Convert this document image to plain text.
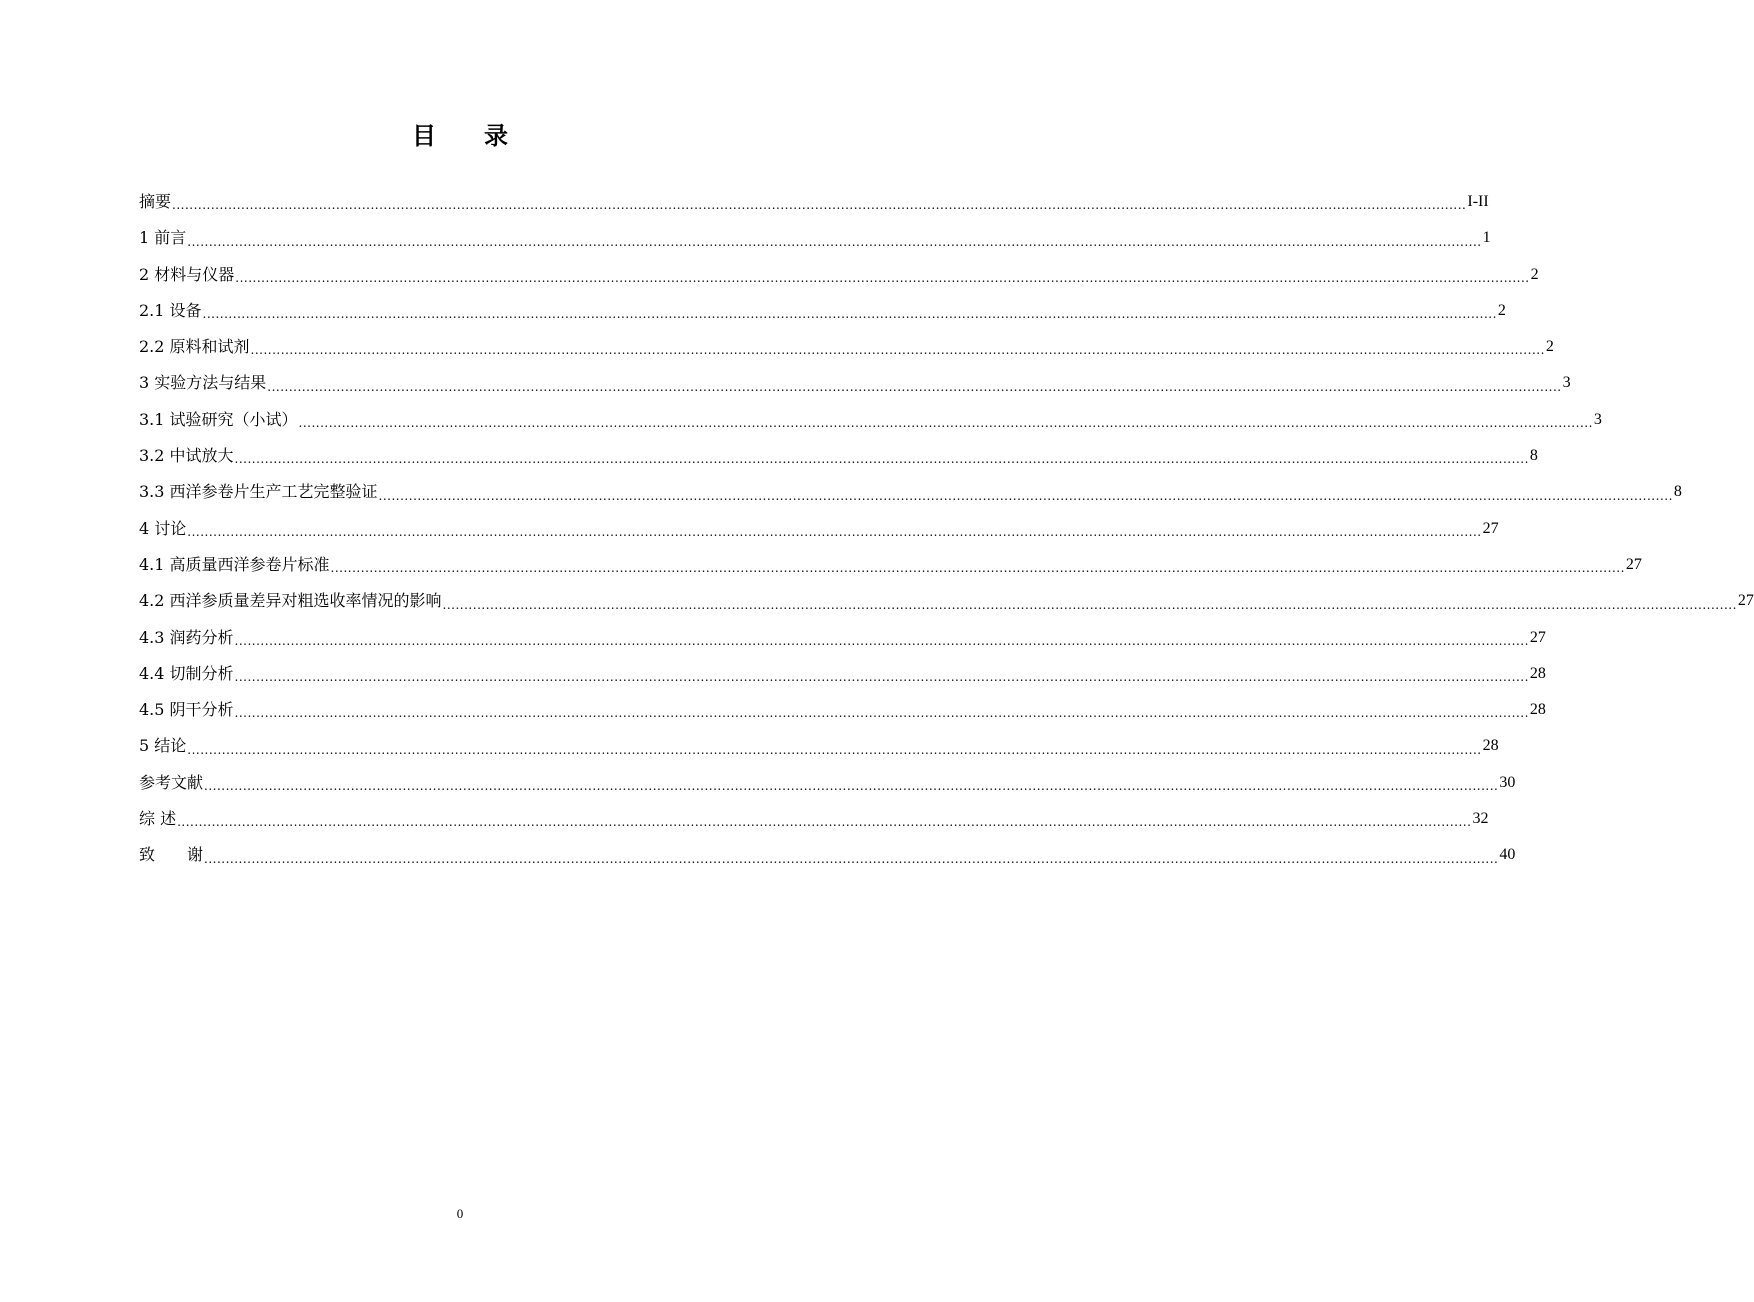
目　　录
摘要 ............................................................................................................................................................................................................................................................................................................ I-II
1 前言 ............................................................................................................................................................................................................................................................................................................ 1
2 材料与仪器 ............................................................................................................................................................................................................................................................................................................ 2
2.1 设备 ............................................................................................................................................................................................................................................................................................................ 2
2.2 原料和试剂 ............................................................................................................................................................................................................................................................................................................ 2
3 实验方法与结果 ............................................................................................................................................................................................................................................................................................................ 3
3.1 试验研究（小试） ............................................................................................................................................................................................................................................................................................................ 3
3.2 中试放大 ............................................................................................................................................................................................................................................................................................................ 8
3.3 西洋参卷片生产工艺完整验证 ............................................................................................................................................................................................................................................................................................................ 8
4 讨论 ............................................................................................................................................................................................................................................................................................................ 27
4.1 高质量西洋参卷片标准 ............................................................................................................................................................................................................................................................................................................ 27
4.2 西洋参质量差异对粗选收率情况的影响 ............................................................................................................................................................................................................................................................................................................ 27
4.3 润药分析 ............................................................................................................................................................................................................................................................................................................ 27
4.4 切制分析 ............................................................................................................................................................................................................................................................................................................ 28
4.5 阴干分析 ............................................................................................................................................................................................................................................................................................................ 28
5 结论 ............................................................................................................................................................................................................................................................................................................ 28
参考文献 ............................................................................................................................................................................................................................................................................................................ 30
综 述 ............................................................................................................................................................................................................................................................................................................ 32
致　　谢 ............................................................................................................................................................................................................................................................................................................ 40
0
